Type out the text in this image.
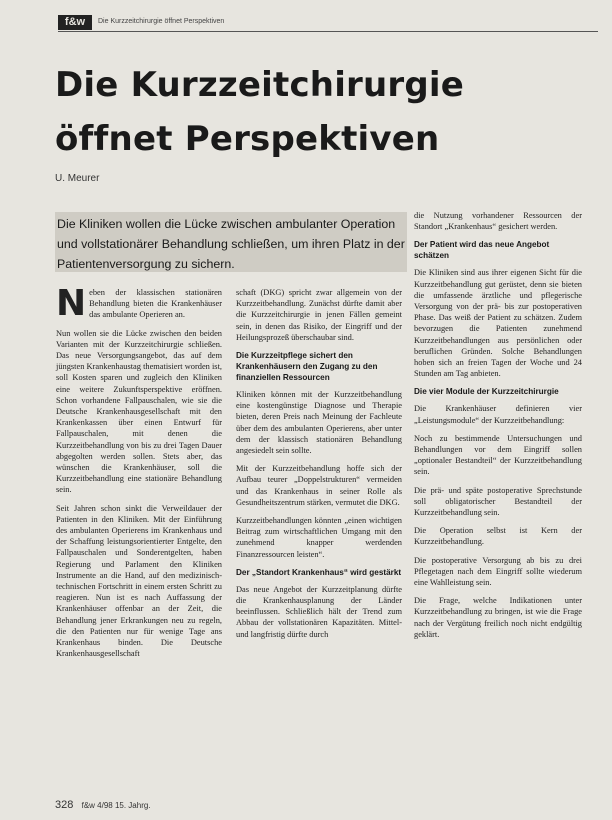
f&w	Die Kurzzeitchirurgie öffnet Perspektiven
Die Kurzzeitchirurgie
öffnet Perspektiven
U. Meurer
Die Kliniken wollen die Lücke zwischen ambulanter Operation und vollstationärer Behandlung schließen, um ihren Platz in der Patientenversorgung zu sichern.

Neben der klassischen stationären Behandlung bieten die Krankenhäuser das ambulante Operieren an.

Nun wollen sie die Lücke zwischen den beiden Varianten mit der Kurzzeitchirurgie schließen. Das neue Versorgungsangebot, das auf dem jüngsten Krankenhaustag thematisiert worden ist, soll Kosten sparen und zugleich den Kliniken eine weitere Zukunftsperspektive eröffnen. Schon vorhandene Fallpauschalen, wie sie die Deutsche Krankenhausgesellschaft mit den Krankenkassen über einen Entwurf für Fallpauschalen, mit denen die Kurzzeitbehandlung von bis zu drei Tagen Dauer abgegolten werden sollen. Stets aber, das wünschen die Krankenhäuser, soll die Kurzzeitbehandlung eine stationäre Behandlung sein.

Seit Jahren schon sinkt die Verweildauer der Patienten in den Kliniken. Mit der Einführung des ambulanten Operierens im Krankenhaus und der Schaffung leistungsorientierter Entgelte, den Fallpauschalen und Sonderentgelten, haben Regierung und Parlament den Kliniken Instrumente an die Hand, auf den medizinisch-technischen Fortschritt in einem ersten Schritt zu reagieren. Nun ist es nach Auffassung der Krankenhäuser offenbar an der Zeit, die Behandlung jener Erkrankungen neu zu regeln, die den Patienten nur für wenige Tage ans Krankenhaus binden. Die Deutsche Krankenhausgesellschaft

schaft (DKG) spricht zwar allgemein von der Kurzzeitbehandlung. Zunächst dürfte damit aber die Kurzzeitchirurgie in jenen Fällen gemeint sein, in denen das Risiko, der Eingriff und der Heilungsprozeß überschaubar sind.

Die Kurzzeitpflege sichert den Krankenhäusern den Zugang zu den finanziellen Ressourcen

Kliniken können mit der Kurzzeitbehandlung eine kostengünstige Diagnose und Therapie bieten, deren Preis nach Meinung der Fachleute über dem des ambulanten Operierens, aber unter dem der klassisch stationären Behandlung angesiedelt sein sollte.

Mit der Kurzzeitbehandlung hoffe sich der Aufbau teurer „Doppelstrukturen“ vermeiden und das Krankenhaus in seiner Rolle als Gesundheitszentrum stärken, vermutet die DKG.

Kurzzeitbehandlungen könnten „einen wichtigen Beitrag zum wirtschaftlichen Umgang mit den zunehmend knapper werdenden Finanzressourcen leisten“.

Der „Standort Krankenhaus“ wird gestärkt

Das neue Angebot der Kurzzeitplanung dürfte die Krankenhausplanung der Länder beeinflussen. Schließlich hält der Trend zum Abbau der vollstationären Kapazitäten. Mittel- und langfristig dürfte durch

die Nutzung vorhandener Ressourcen der Standort „Krankenhaus“ gesichert werden.

Der Patient wird das neue Angebot schätzen

Die Kliniken sind aus ihrer eigenen Sicht für die Kurzzeitbehandlung gut gerüstet, denn sie bieten die umfassende ärztliche und pflegerische Versorgung von der prä- bis zur postoperativen Phase. Das weiß der Patient zu schätzen. Zudem bevorzugen die Patienten zunehmend Kurzzeitbehandlungen aus persönlichen oder beruflichen Gründen. Solche Behandlungen hoben sich an freien Tagen der Woche und 24 Stunden am Tag anbieten.

Die vier Module der Kurzzeitchirurgie

Die Krankenhäuser definieren vier „Leistungsmodule“ der Kurzzeitbehandlung:

Noch zu bestimmende Untersuchungen und Behandlungen vor dem Eingriff sollen „optionaler Bestandteil“ der Kurzzeitbehandlung sein.

Die prä- und späte postoperative Sprechstunde soll obligatorischer Bestandteil der Kurzzeitbehandlung sein.

Die Operation selbst ist Kern der Kurzzeitbehandlung.

Die postoperative Versorgung ab bis zu drei Pflegetagen nach dem Eingriff sollte wiederum eine Wahlleistung sein.

Die Frage, welche Indikationen unter Kurzzeitbehandlung zu bringen, ist wie die Frage nach der Vergütung freilich noch nicht endgültig geklärt.

328 f&w 4/98 15. Jahrg.
